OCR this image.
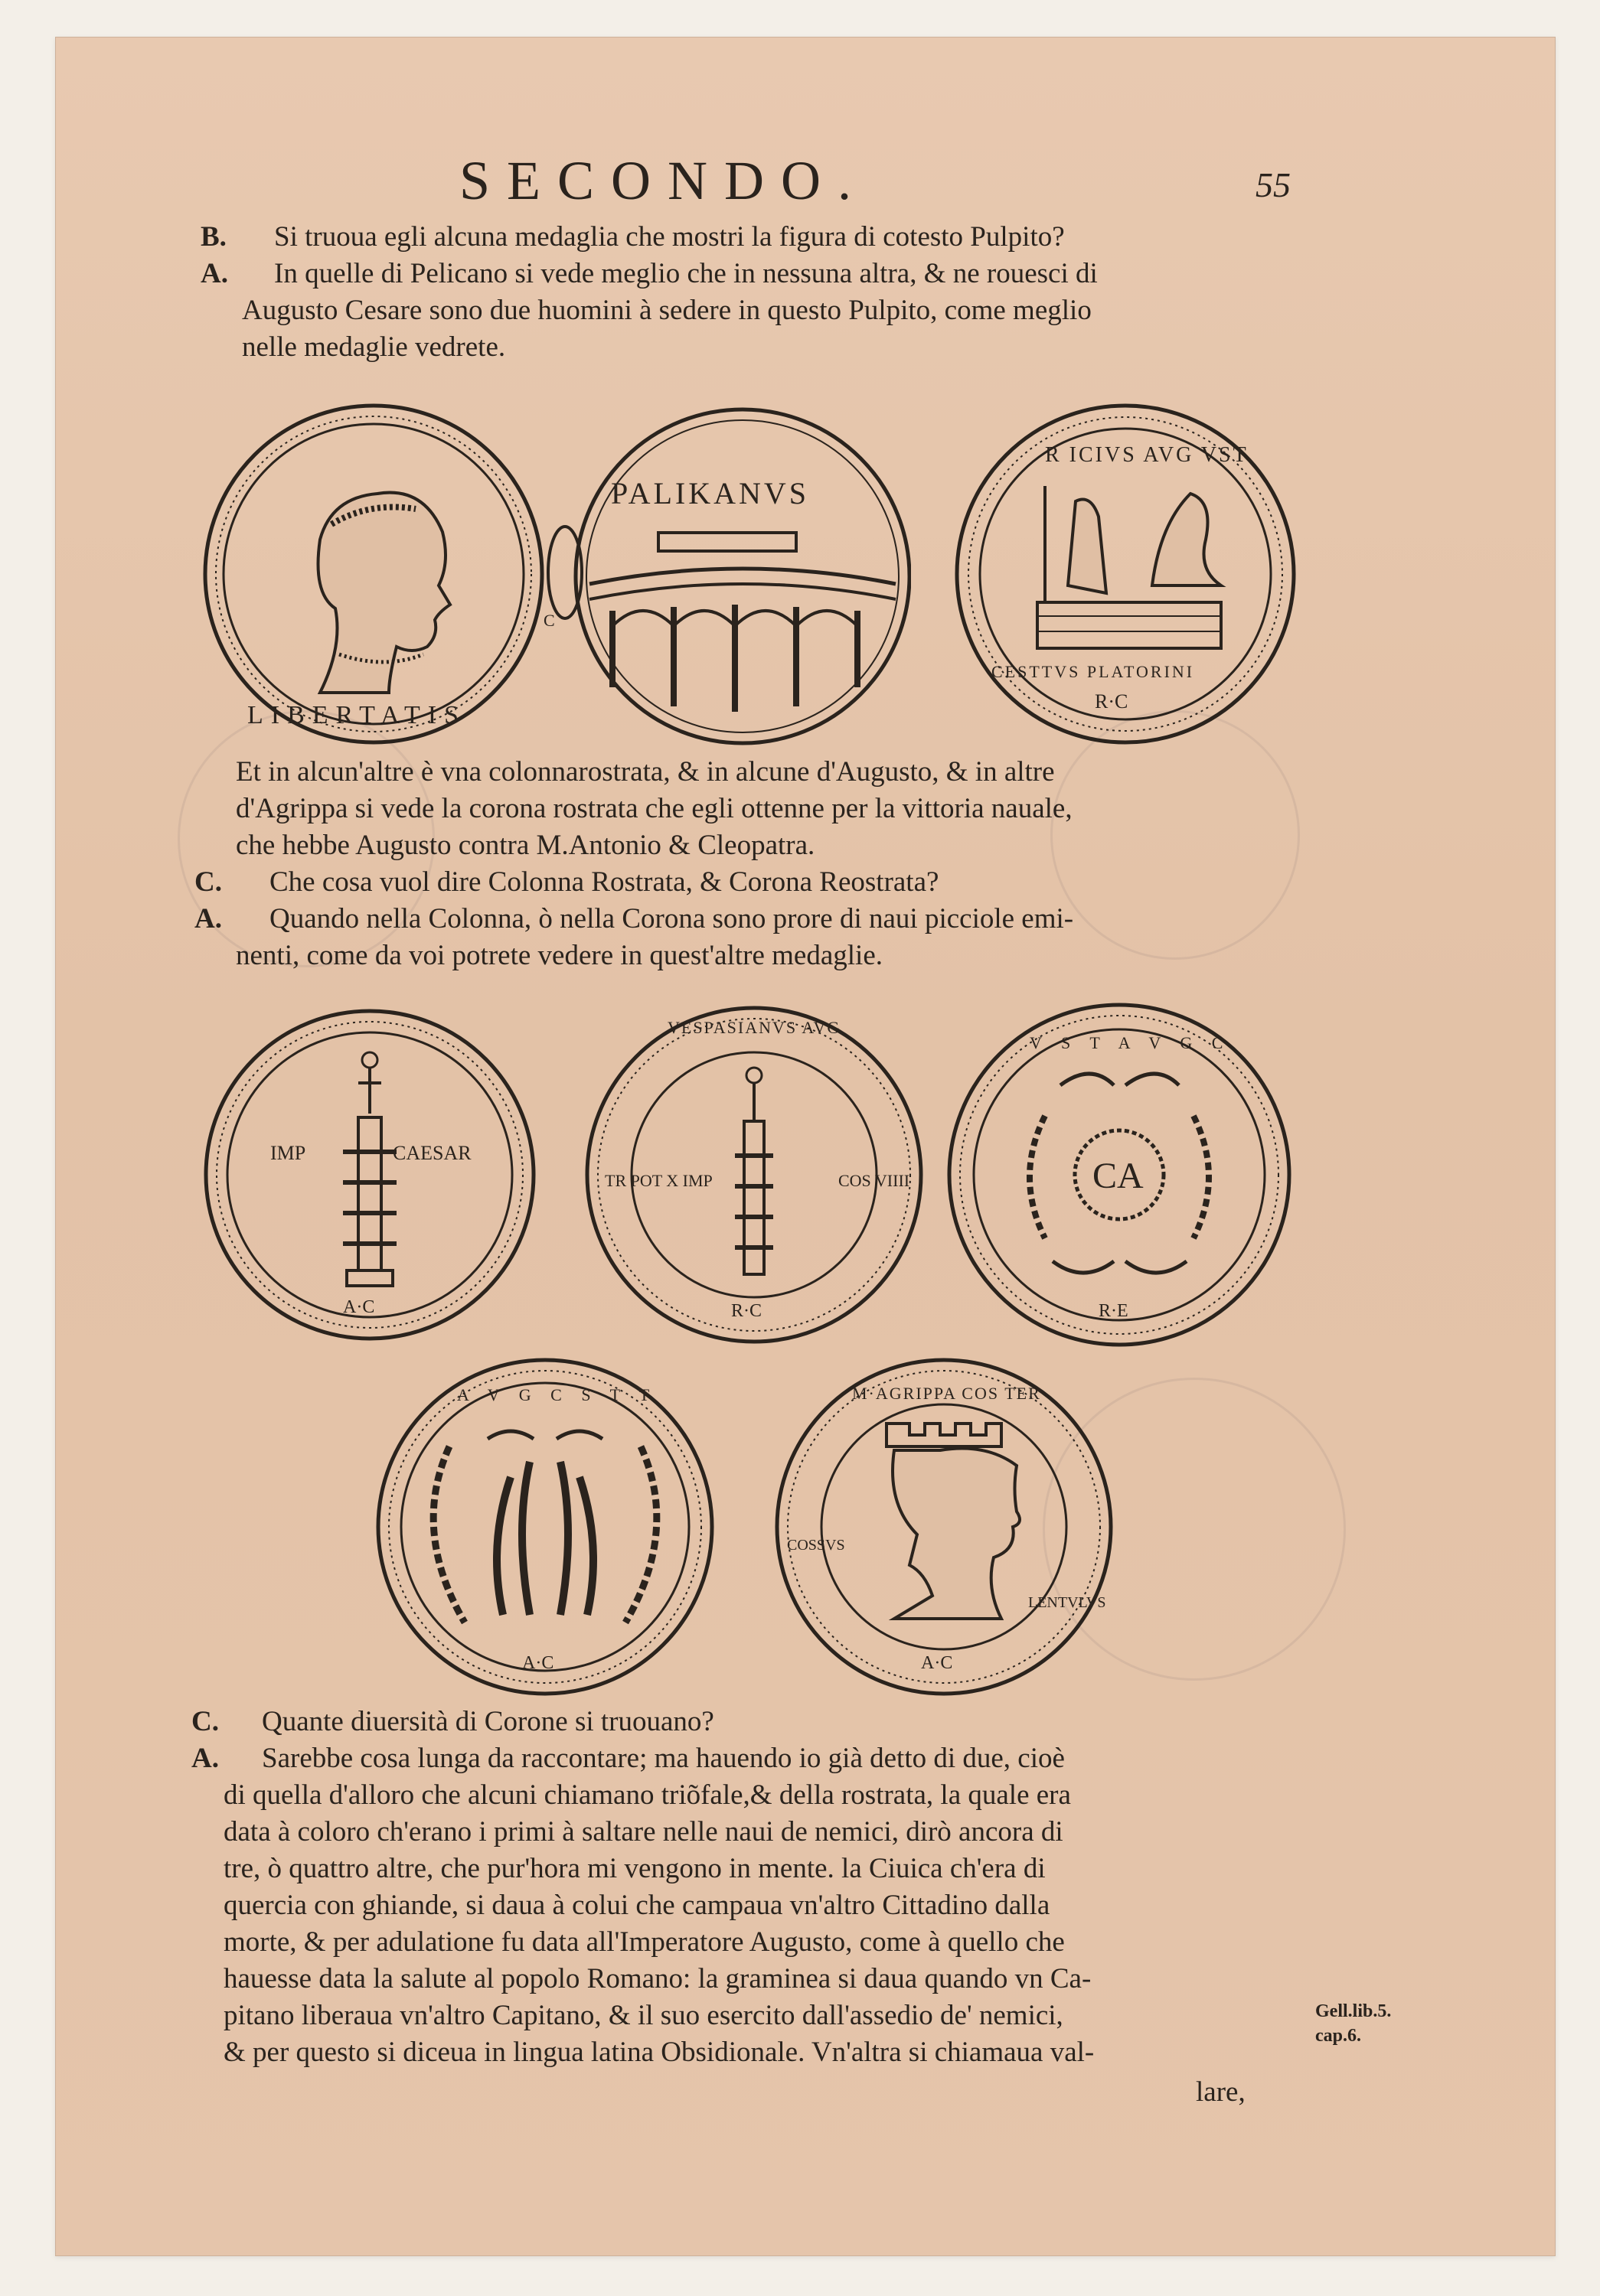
SECONDO.	55
B. Si truoua egli alcuna medaglia che mostri la figura di cotesto Pulpito?
A. In quelle di Pelicano si vede meglio che in nessuna altra, & ne rouesci di
Augusto Cesare sono due huomini à sedere in questo Pulpito, come meglio
nelle medaglie vedrete.
LIBERTATIS
PALIKANVS
C
R ICIVS AVG VST
CESTTVS PLATORINI
R·C
Et in alcun'altre è vna colonnarostrata, & in alcune d'Augusto, & in altre
d'Agrippa si vede la corona rostrata che egli ottenne per la vittoria nauale,
che hebbe Augusto contra M.Antonio & Cleopatra.
C. Che cosa vuol dire Colonna Rostrata, & Corona Reostrata?
A. Quando nella Colonna, ò nella Corona sono prore di naui picciole emi-
nenti, come da voi potrete vedere in quest'altre medaglie.
IMP	CAESAR
A·C
VESPASIANVS AVG
TR POT X IMP	COS VIIII
R·C
CA
V S T A V G C
R·E
A V G C S T T
A·C
M·AGRIPPA COS TER
COSSVS
LENTVLVS
A·C
C. Quante diuersità di Corone si truouano?
A. Sarebbe cosa lunga da raccontare; ma hauendo io già detto di due, cioè
di quella d'alloro che alcuni chiamano triõfale,& della rostrata, la quale era
data à coloro ch'erano i primi à saltare nelle naui de nemici, dirò ancora di
tre, ò quattro altre, che pur'hora mi vengono in mente. la Ciuica ch'era di
quercia con ghiande, si daua à colui che campaua vn'altro Cittadino dalla
morte, & per adulatione fu data all'Imperatore Augusto, come à quello che
hauesse data la salute al popolo Romano: la graminea si daua quando vn Ca-
pitano liberaua vn'altro Capitano, & il suo esercito dall'assedio de' nemici,
& per questo si diceua in lingua latina Obsidionale. Vn'altra si chiamaua val-
lare,
Gell.lib.5.
cap.6.
